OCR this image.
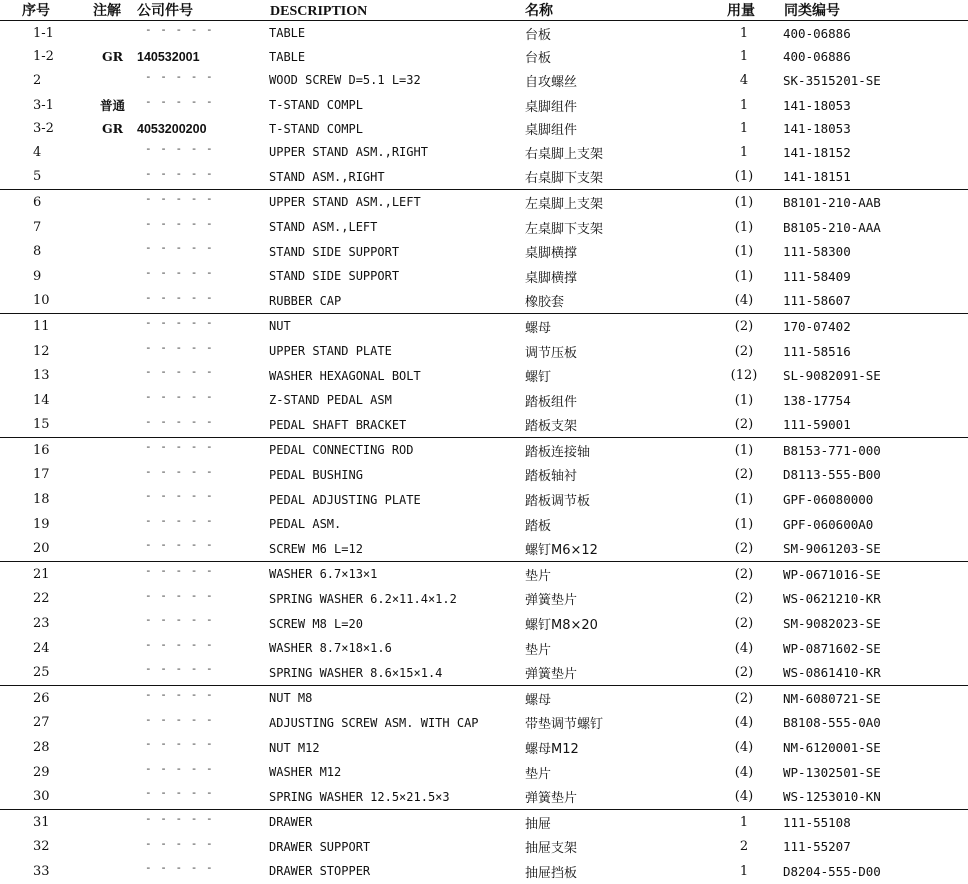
序号	注解	公司件号	DESCRIPTION	名称	用量	同类编号
1-1		- - - - -	TABLE	台板	1	400-06886
1-2	GR	140532001	TABLE	台板	1	400-06886
2		- - - - -	WOOD SCREW D=5.1 L=32	自攻螺丝	4	SK-3515201-SE
3-1	普通	- - - - -	T-STAND COMPL	桌脚组件	1	141-18053
3-2	GR	4053200200	T-STAND COMPL	桌脚组件	1	141-18053
4		- - - - -	UPPER STAND ASM.,RIGHT	右桌脚上支架	1	141-18152
5		- - - - -	STAND ASM.,RIGHT	右桌脚下支架	(1)	141-18151
6		- - - - -	UPPER STAND ASM.,LEFT	左桌脚上支架	(1)	B8101-210-AAB
7		- - - - -	STAND ASM.,LEFT	左桌脚下支架	(1)	B8105-210-AAA
8		- - - - -	STAND SIDE SUPPORT	桌脚横撑	(1)	111-58300
9		- - - - -	STAND SIDE SUPPORT	桌脚横撑	(1)	111-58409
10		- - - - -	RUBBER CAP	橡胶套	(4)	111-58607
11		- - - - -	NUT	螺母	(2)	170-07402
12		- - - - -	UPPER STAND PLATE	调节压板	(2)	111-58516
13		- - - - -	WASHER HEXAGONAL BOLT	螺钉	(12)	SL-9082091-SE
14		- - - - -	Z-STAND PEDAL ASM	踏板组件	(1)	138-17754
15		- - - - -	PEDAL SHAFT BRACKET	踏板支架	(2)	111-59001
16		- - - - -	PEDAL CONNECTING ROD	踏板连接轴	(1)	B8153-771-000
17		- - - - -	PEDAL BUSHING	踏板轴衬	(2)	D8113-555-B00
18		- - - - -	PEDAL ADJUSTING PLATE	踏板调节板	(1)	GPF-06080000
19		- - - - -	PEDAL ASM.	踏板	(1)	GPF-060600A0
20		- - - - -	SCREW M6 L=12	螺钉M6×12	(2)	SM-9061203-SE
21		- - - - -	WASHER 6.7×13×1	垫片	(2)	WP-0671016-SE
22		- - - - -	SPRING WASHER 6.2×11.4×1.2	弹簧垫片	(2)	WS-0621210-KR
23		- - - - -	SCREW M8 L=20	螺钉M8×20	(2)	SM-9082023-SE
24		- - - - -	WASHER 8.7×18×1.6	垫片	(4)	WP-0871602-SE
25		- - - - -	SPRING WASHER 8.6×15×1.4	弹簧垫片	(2)	WS-0861410-KR
26		- - - - -	NUT M8	螺母	(2)	NM-6080721-SE
27		- - - - -	ADJUSTING SCREW ASM. WITH CAP	带垫调节螺钉	(4)	B8108-555-0A0
28		- - - - -	NUT M12	螺母M12	(4)	NM-6120001-SE
29		- - - - -	WASHER M12	垫片	(4)	WP-1302501-SE
30		- - - - -	SPRING WASHER 12.5×21.5×3	弹簧垫片	(4)	WS-1253010-KN
31		- - - - -	DRAWER	抽屉	1	111-55108
32		- - - - -	DRAWER SUPPORT	抽屉支架	2	111-55207
33		- - - - -	DRAWER STOPPER	抽屉挡板	1	D8204-555-D00
